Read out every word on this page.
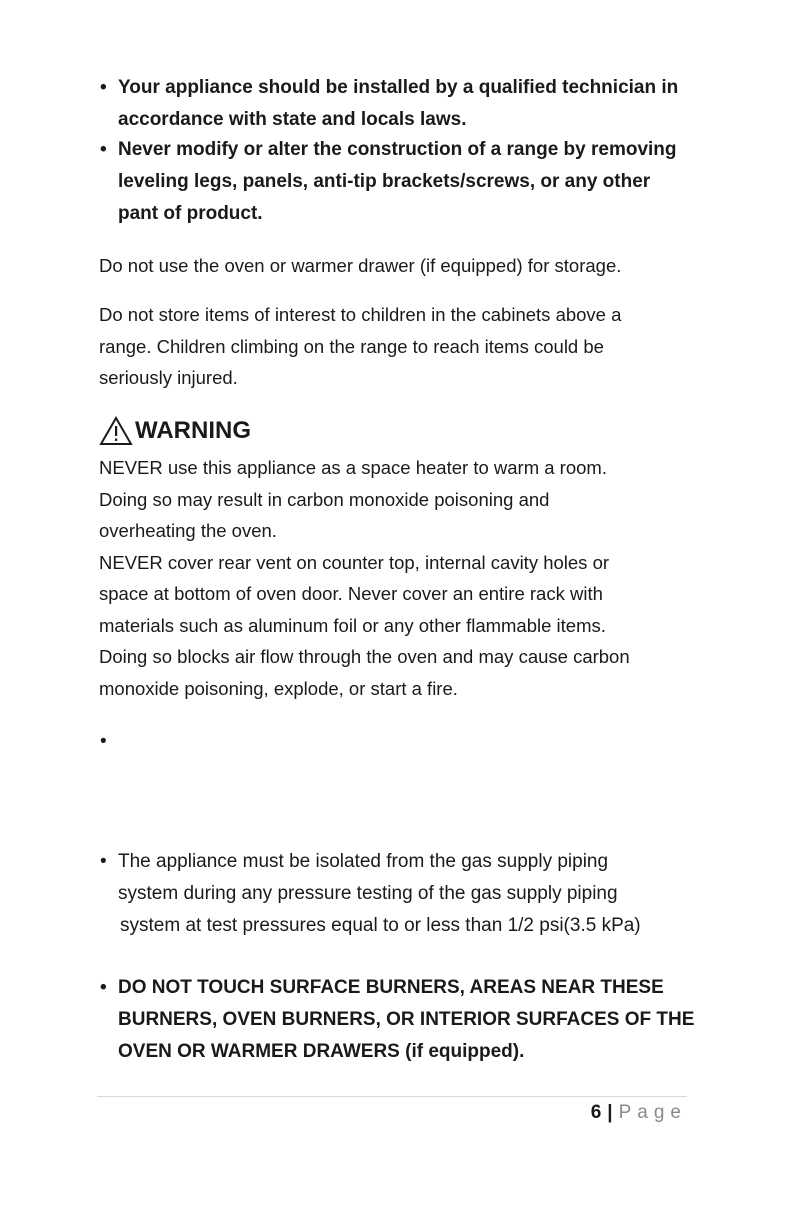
• Your appliance should be installed by a qualified technician in
accordance with state and locals laws.
• Never modify or alter the construction of a range by removing
leveling legs, panels, anti-tip brackets/screws, or any other
pant of product.
Do not use the oven or warmer drawer (if equipped) for storage.
Do not store items of interest to children in the cabinets above a
range. Children climbing on the range to reach items could be
seriously injured.
WARNING
NEVER use this appliance as a space heater to warm a room.
Doing so may result in carbon monoxide poisoning and
overheating the oven.
NEVER cover rear vent on counter top, internal cavity holes or
space at bottom of oven door. Never cover an entire rack with
materials such as aluminum foil or any other flammable items.
Doing so blocks air flow through the oven and may cause carbon
monoxide poisoning, explode, or start a fire.
•
• The appliance must be isolated from the gas supply piping
system during any pressure testing of the gas supply piping
system at test pressures equal to or less than 1/2 psi(3.5 kPa)
• DO NOT TOUCH SURFACE BURNERS, AREAS NEAR THESE
BURNERS, OVEN BURNERS, OR INTERIOR SURFACES OF THE
OVEN OR WARMER DRAWERS (if equipped).
6 | Page
